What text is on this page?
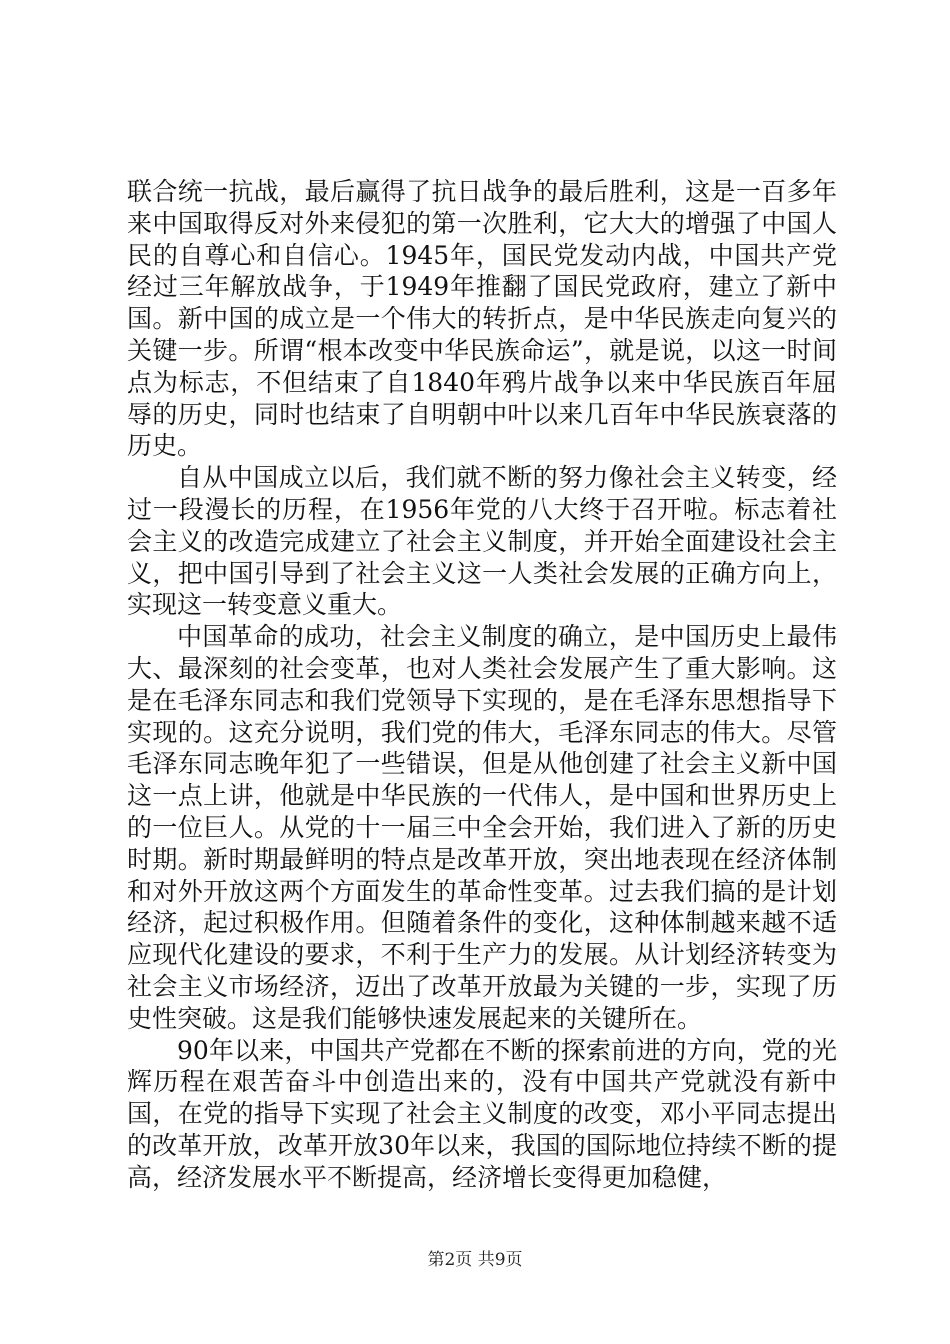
联合统一抗战，最后赢得了抗日战争的最后胜利，这是一百多年来中国取得反对外来侵犯的第一次胜利，它大大的增强了中国人民的自尊心和自信心。1945年，国民党发动内战，中国共产党经过三年解放战争，于1949年推翻了国民党政府，建立了新中国。新中国的成立是一个伟大的转折点，是中华民族走向复兴的关键一步。所谓“根本改变中华民族命运”，就是说，以这一时间点为标志，不但结束了自1840年鸦片战争以来中华民族百年屈辱的历史，同时也结束了自明朝中叶以来几百年中华民族衰落的历史。

自从中国成立以后，我们就不断的努力像社会主义转变，经过一段漫长的历程，在1956年党的八大终于召开啦。标志着社会主义的改造完成建立了社会主义制度，并开始全面建设社会主义，把中国引导到了社会主义这一人类社会发展的正确方向上，实现这一转变意义重大。

中国革命的成功，社会主义制度的确立，是中国历史上最伟大、最深刻的社会变革，也对人类社会发展产生了重大影响。这是在毛泽东同志和我们党领导下实现的，是在毛泽东思想指导下实现的。这充分说明，我们党的伟大，毛泽东同志的伟大。尽管毛泽东同志晚年犯了一些错误，但是从他创建了社会主义新中国这一点上讲，他就是中华民族的一代伟人，是中国和世界历史上的一位巨人。从党的十一届三中全会开始，我们进入了新的历史时期。新时期最鲜明的特点是改革开放，突出地表现在经济体制和对外开放这两个方面发生的革命性变革。过去我们搞的是计划经济，起过积极作用。但随着条件的变化，这种体制越来越不适应现代化建设的要求，不利于生产力的发展。从计划经济转变为社会主义市场经济，迈出了改革开放最为关键的一步，实现了历史性突破。这是我们能够快速发展起来的关键所在。

90年以来，中国共产党都在不断的探索前进的方向，党的光辉历程在艰苦奋斗中创造出来的，没有中国共产党就没有新中国，在党的指导下实现了社会主义制度的改变，邓小平同志提出的改革开放，改革开放30年以来，我国的国际地位持续不断的提高，经济发展水平不断提高，经济增长变得更加稳健，

第2页 共9页
